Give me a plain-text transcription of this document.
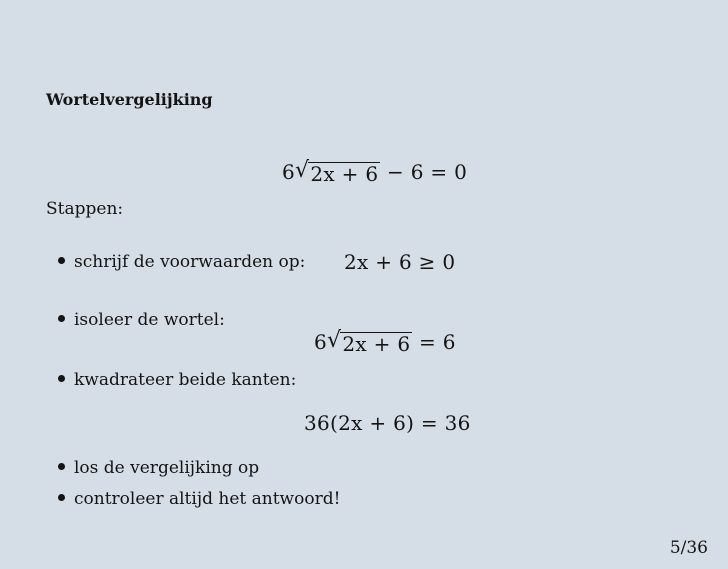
Wortelvergelijking
6 √ 2x + 6 − 6 = 0
Stappen:
schrijf de voorwaarden op: 2x + 6 ≥ 0
isoleer de wortel:
6 √ 2x + 6 = 6
kwadrateer beide kanten:
36(2x + 6) = 36
los de vergelijking op
controleer altijd het antwoord!
5/36
